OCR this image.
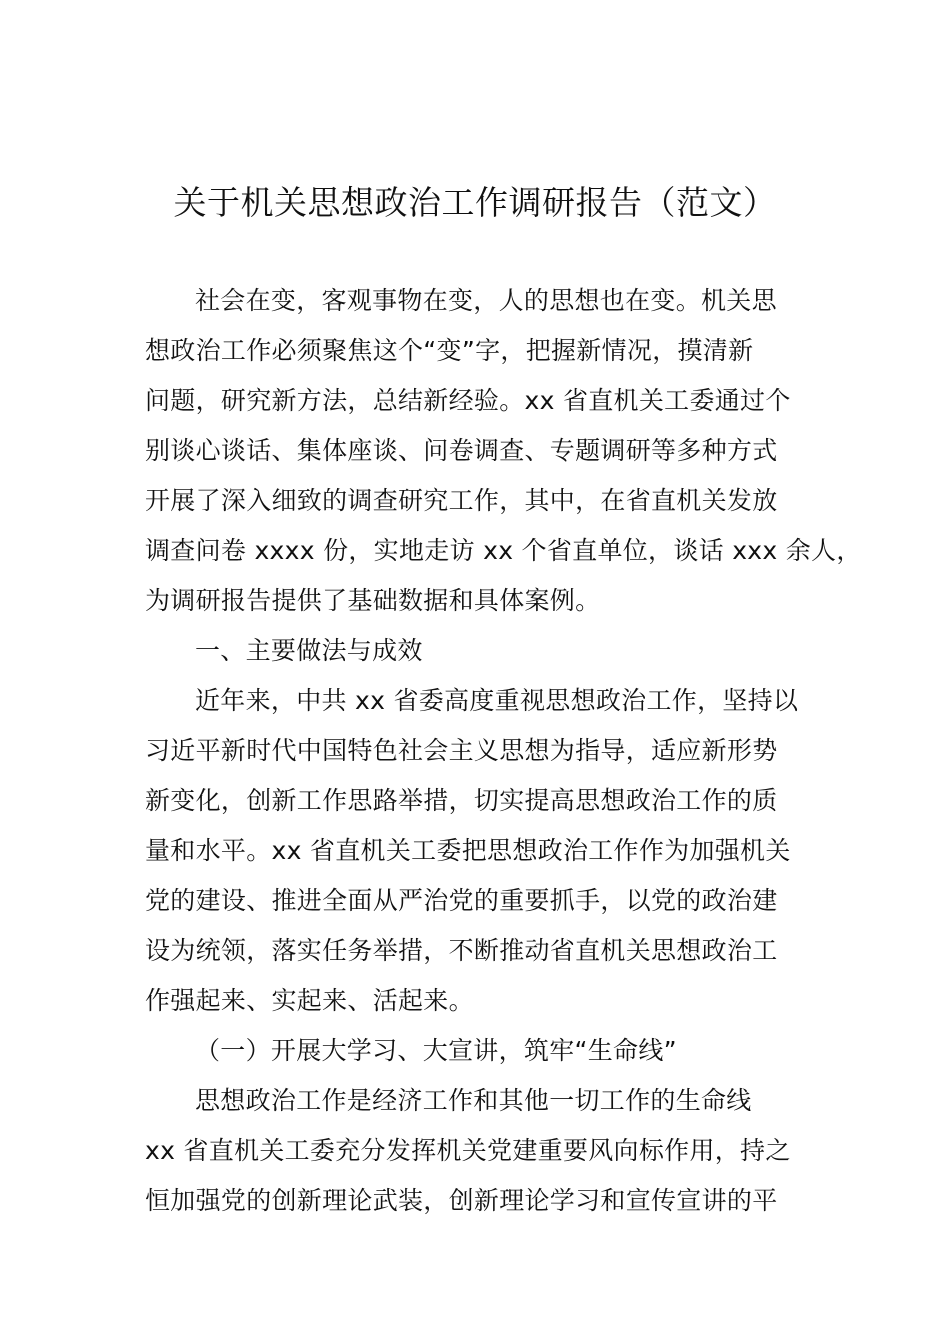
关于机关思想政治工作调研报告（范文）
社会在变，客观事物在变，人的思想也在变。机关思
想政治工作必须聚焦这个“变”字，把握新情况，摸清新
问题，研究新方法，总结新经验。xx 省直机关工委通过个
别谈心谈话、集体座谈、问卷调查、专题调研等多种方式
开展了深入细致的调查研究工作，其中，在省直机关发放
调查问卷 xxxx 份，实地走访 xx 个省直单位，谈话 xxx 余人，
为调研报告提供了基础数据和具体案例。
一、主要做法与成效
近年来，中共 xx 省委高度重视思想政治工作，坚持以
习近平新时代中国特色社会主义思想为指导，适应新形势
新变化，创新工作思路举措，切实提高思想政治工作的质
量和水平。xx 省直机关工委把思想政治工作作为加强机关
党的建设、推进全面从严治党的重要抓手，以党的政治建
设为统领，落实任务举措，不断推动省直机关思想政治工
作强起来、实起来、活起来。
（一）开展大学习、大宣讲，筑牢“生命线”
思想政治工作是经济工作和其他一切工作的生命线
xx 省直机关工委充分发挥机关党建重要风向标作用，持之
恒加强党的创新理论武装，创新理论学习和宣传宣讲的平
